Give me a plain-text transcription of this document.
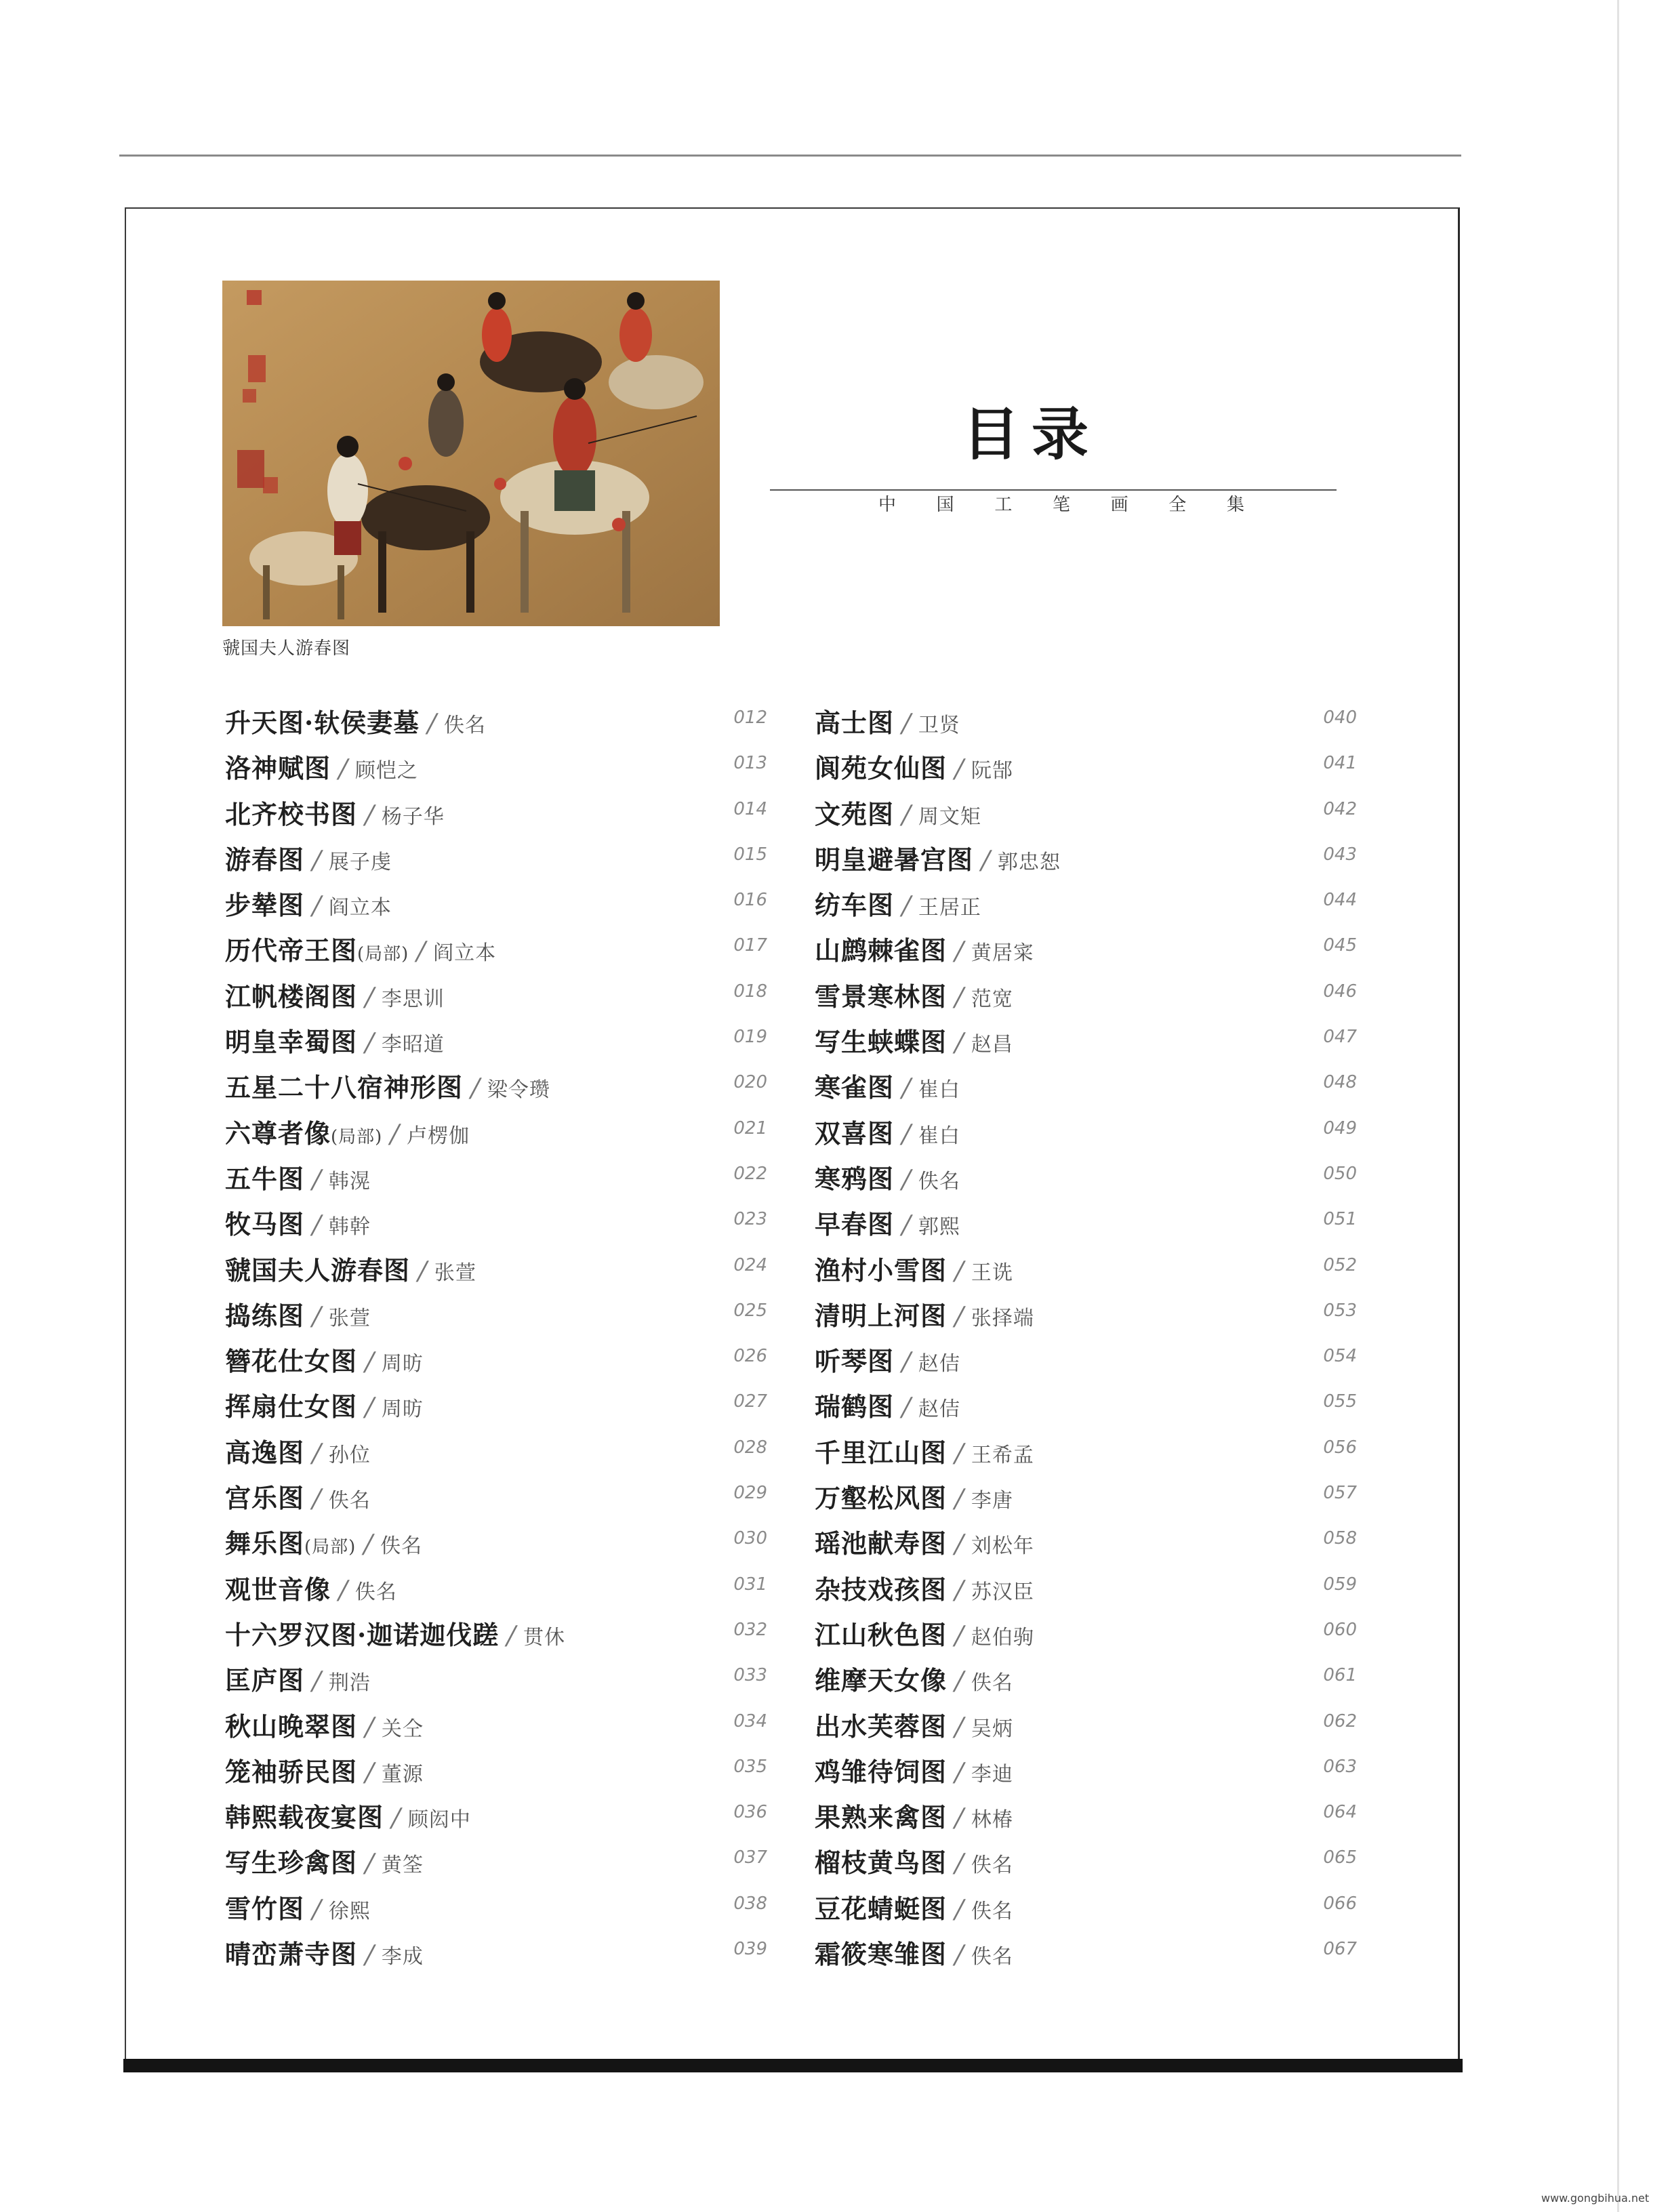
虢国夫人游春图
目录
中 国 工 笔 画 全 集
升天图·轪侯妻墓 / 佚名	012
洛神赋图 / 顾恺之	013
北齐校书图 / 杨子华	014
游春图 / 展子虔	015
步辇图 / 阎立本	016
历代帝王图(局部) / 阎立本	017
江帆楼阁图 / 李思训	018
明皇幸蜀图 / 李昭道	019
五星二十八宿神形图 / 梁令瓒	020
六尊者像(局部) / 卢楞伽	021
五牛图 / 韩滉	022
牧马图 / 韩幹	023
虢国夫人游春图 / 张萱	024
捣练图 / 张萱	025
簪花仕女图 / 周昉	026
挥扇仕女图 / 周昉	027
高逸图 / 孙位	028
宫乐图 / 佚名	029
舞乐图(局部) / 佚名	030
观世音像 / 佚名	031
十六罗汉图·迦诺迦伐蹉 / 贯休	032
匡庐图 / 荆浩	033
秋山晚翠图 / 关仝	034
笼袖骄民图 / 董源	035
韩熙载夜宴图 / 顾闳中	036
写生珍禽图 / 黄筌	037
雪竹图 / 徐熙	038
晴峦萧寺图 / 李成	039
高士图 / 卫贤	040
阆苑女仙图 / 阮郜	041
文苑图 / 周文矩	042
明皇避暑宫图 / 郭忠恕	043
纺车图 / 王居正	044
山鹧棘雀图 / 黄居寀	045
雪景寒林图 / 范宽	046
写生蛱蝶图 / 赵昌	047
寒雀图 / 崔白	048
双喜图 / 崔白	049
寒鸦图 / 佚名	050
早春图 / 郭熙	051
渔村小雪图 / 王诜	052
清明上河图 / 张择端	053
听琴图 / 赵佶	054
瑞鹤图 / 赵佶	055
千里江山图 / 王希孟	056
万壑松风图 / 李唐	057
瑶池献寿图 / 刘松年	058
杂技戏孩图 / 苏汉臣	059
江山秋色图 / 赵伯驹	060
维摩天女像 / 佚名	061
出水芙蓉图 / 吴炳	062
鸡雏待饲图 / 李迪	063
果熟来禽图 / 林椿	064
榴枝黄鸟图 / 佚名	065
豆花蜻蜓图 / 佚名	066
霜筱寒雏图 / 佚名	067
www.gongbihua.net
